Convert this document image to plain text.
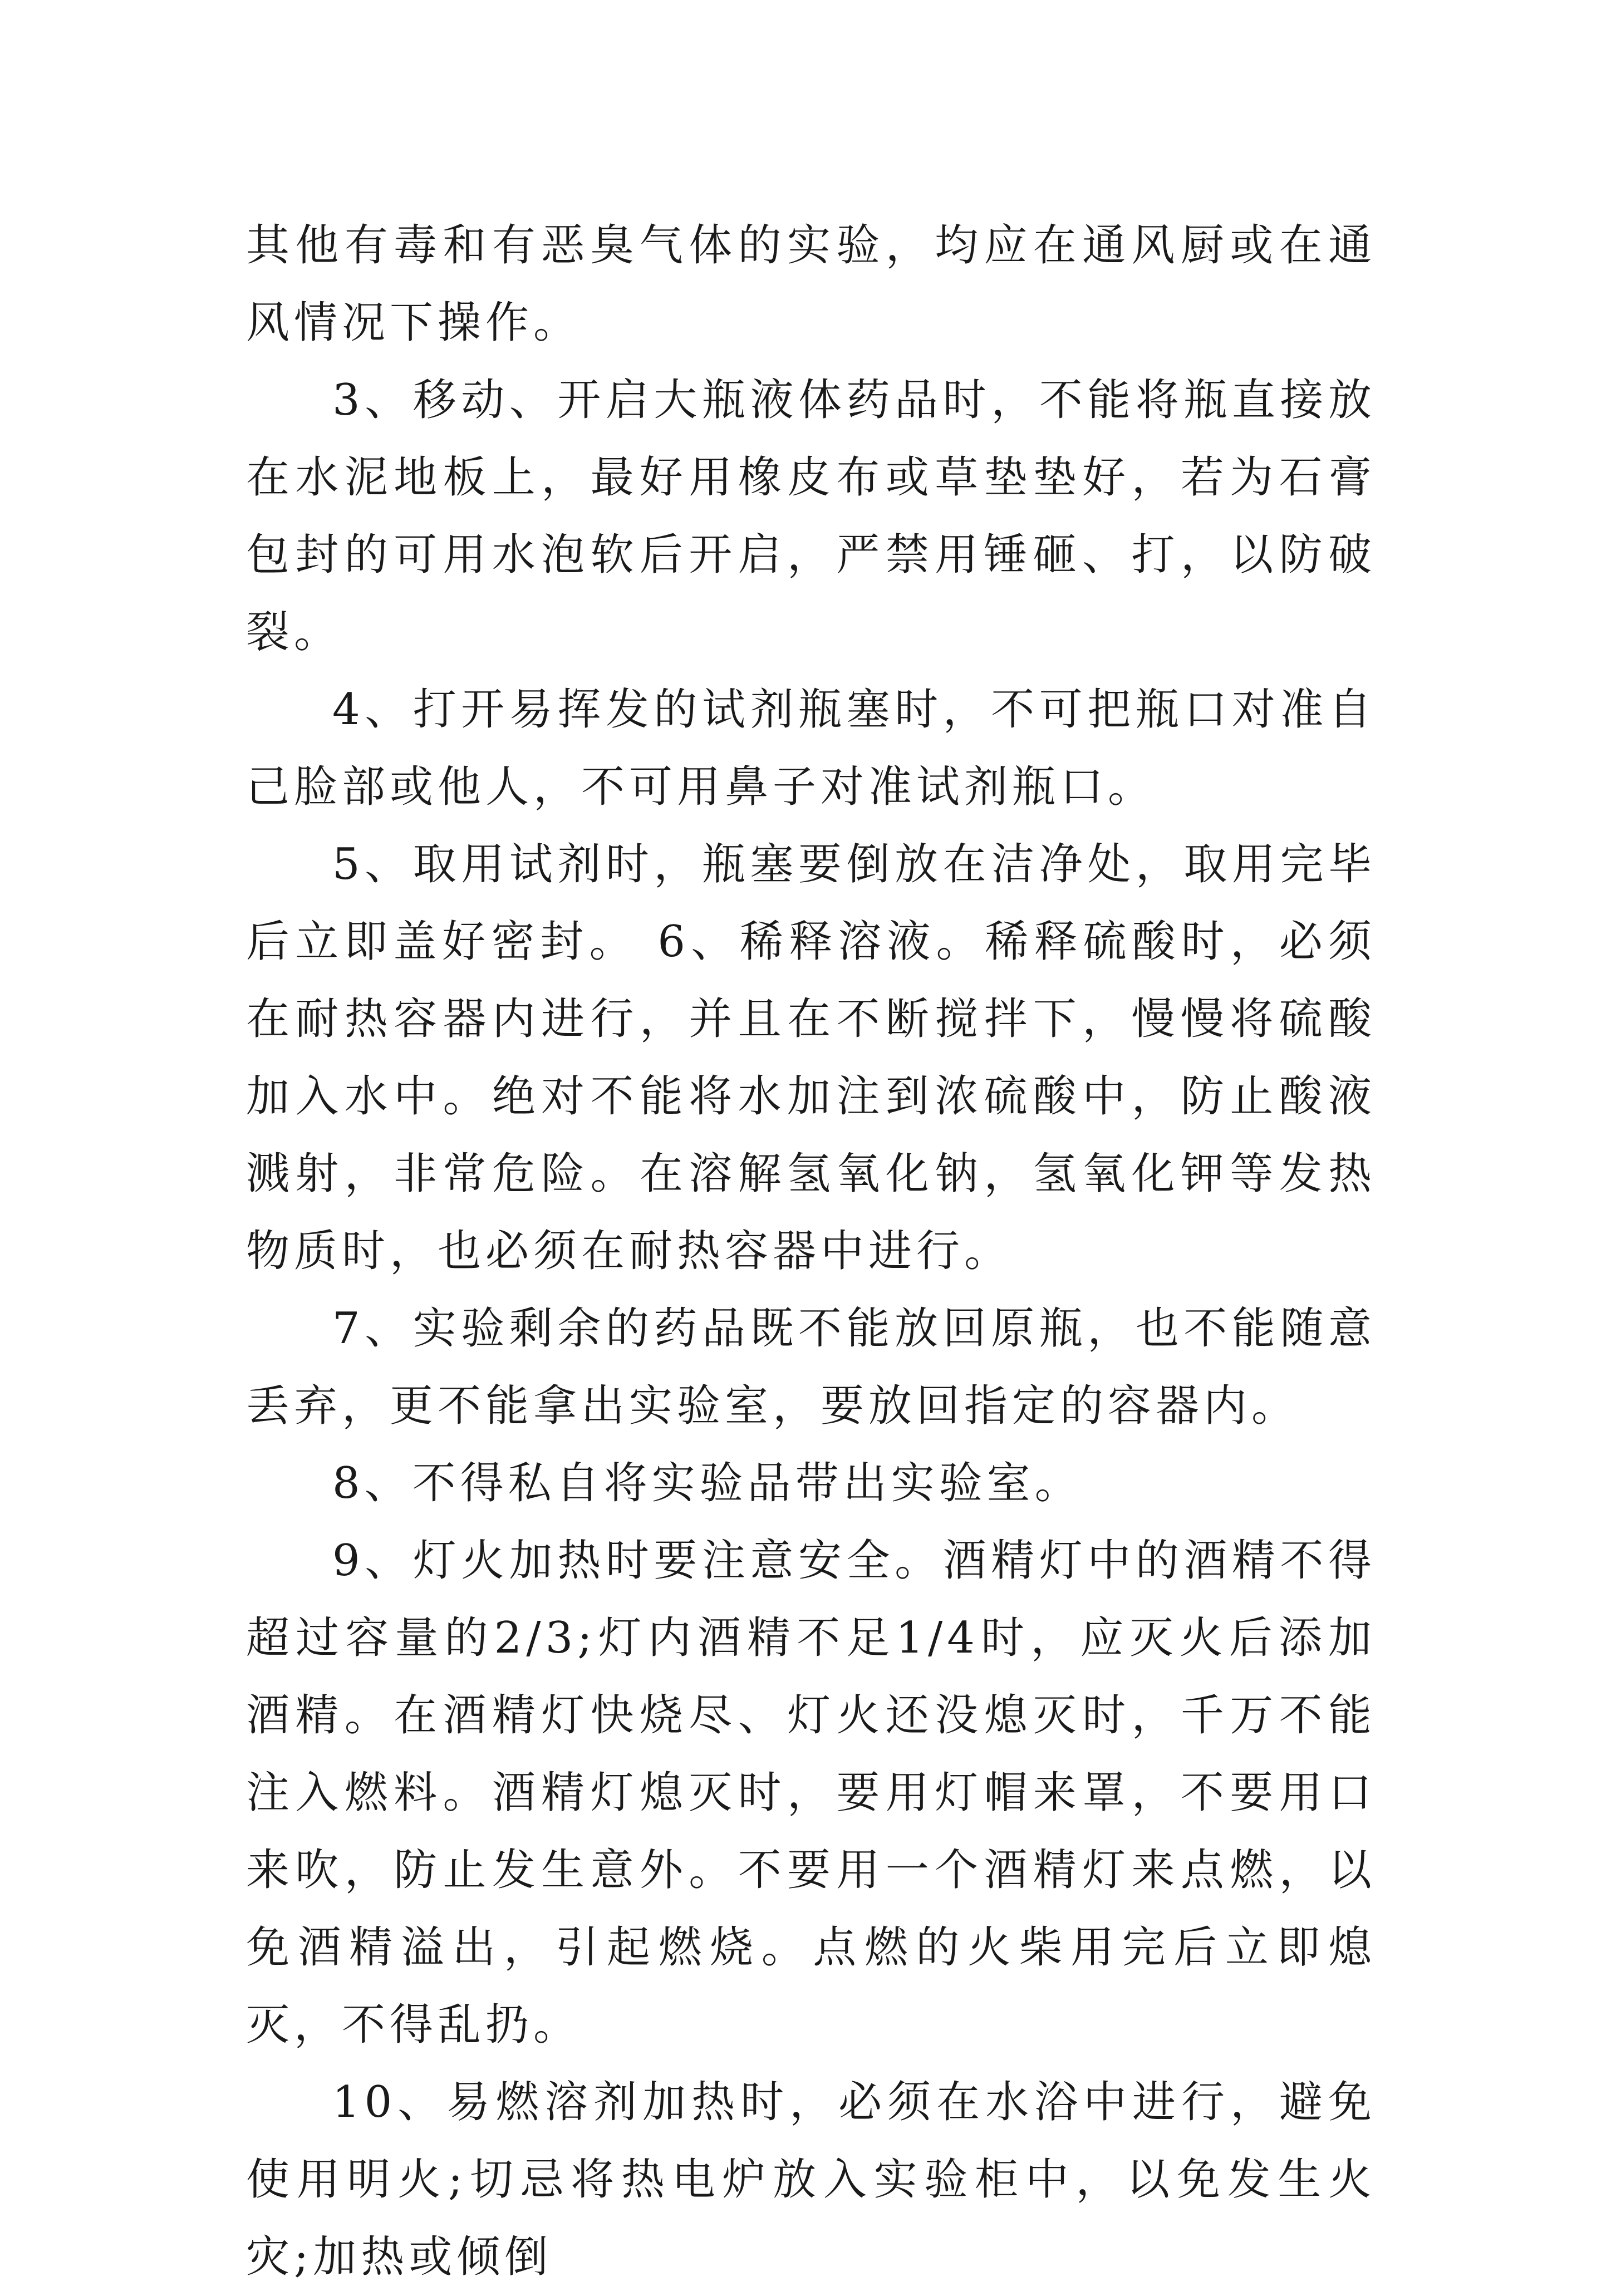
其他有毒和有恶臭气体的实验，均应在通风厨或在通风情况下操作。

3、移动、开启大瓶液体药品时，不能将瓶直接放在水泥地板上，最好用橡皮布或草垫垫好，若为石膏包封的可用水泡软后开启，严禁用锤砸、打，以防破裂。

4、打开易挥发的试剂瓶塞时，不可把瓶口对准自己脸部或他人，不可用鼻子对准试剂瓶口。

5、取用试剂时，瓶塞要倒放在洁净处，取用完毕后立即盖好密封。 6、稀释溶液。稀释硫酸时，必须在耐热容器内进行，并且在不断搅拌下，慢慢将硫酸加入水中。绝对不能将水加注到浓硫酸中，防止酸液溅射，非常危险。在溶解氢氧化钠，氢氧化钾等发热物质时，也必须在耐热容器中进行。

7、实验剩余的药品既不能放回原瓶，也不能随意丢弃，更不能拿出实验室，要放回指定的容器内。

8、不得私自将实验品带出实验室。

9、灯火加热时要注意安全。酒精灯中的酒精不得超过容量的2/3;灯内酒精不足1/4时，应灭火后添加酒精。在酒精灯快烧尽、灯火还没熄灭时，千万不能注入燃料。酒精灯熄灭时，要用灯帽来罩，不要用口来吹，防止发生意外。不要用一个酒精灯来点燃，以免酒精溢出，引起燃烧。点燃的火柴用完后立即熄灭，不得乱扔。

10、易燃溶剂加热时，必须在水浴中进行，避免使用明火;切忌将热电炉放入实验柜中，以免发生火灾;加热或倾倒
